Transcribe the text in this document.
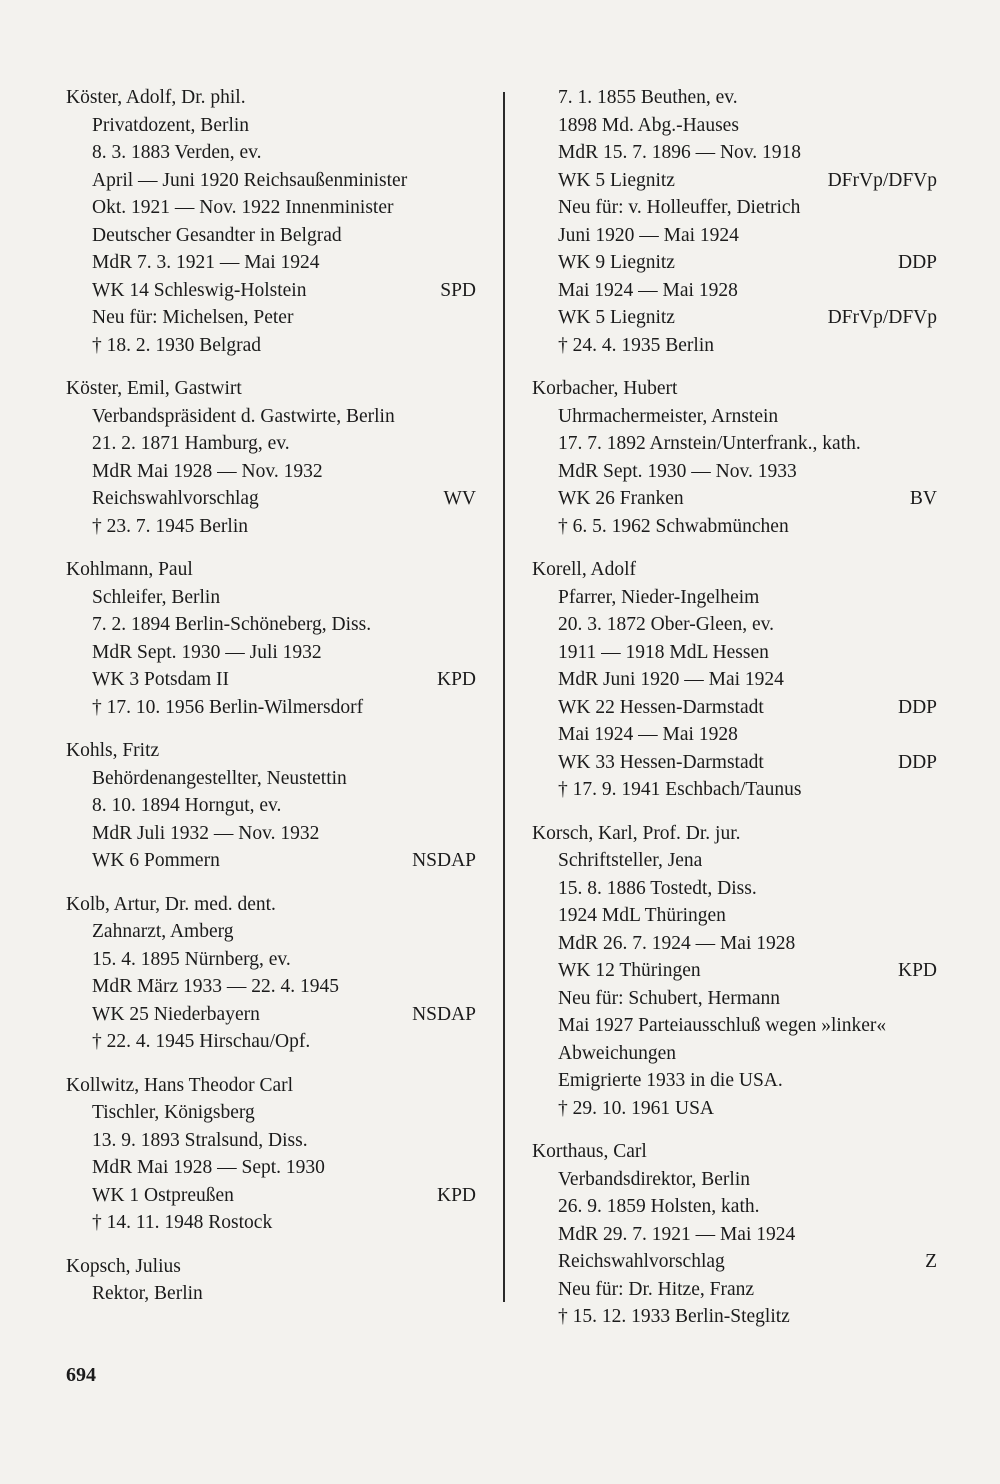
Köster, Adolf, Dr. phil.
Privatdozent, Berlin
8. 3. 1883 Verden, ev.
April — Juni 1920 Reichsaußenminister
Okt. 1921 — Nov. 1922 Innenminister
Deutscher Gesandter in Belgrad
MdR 7. 3. 1921 — Mai 1924
WK 14 Schleswig-Holstein	SPD
Neu für: Michelsen, Peter
† 18. 2. 1930 Belgrad
Köster, Emil, Gastwirt
Verbandspräsident d. Gastwirte, Berlin
21. 2. 1871 Hamburg, ev.
MdR Mai 1928 — Nov. 1932
Reichswahlvorschlag	WV
† 23. 7. 1945 Berlin
Kohlmann, Paul
Schleifer, Berlin
7. 2. 1894 Berlin-Schöneberg, Diss.
MdR Sept. 1930 — Juli 1932
WK 3 Potsdam II	KPD
† 17. 10. 1956 Berlin-Wilmersdorf
Kohls, Fritz
Behördenangestellter, Neustettin
8. 10. 1894 Horngut, ev.
MdR Juli 1932 — Nov. 1932
WK 6 Pommern	NSDAP
Kolb, Artur, Dr. med. dent.
Zahnarzt, Amberg
15. 4. 1895 Nürnberg, ev.
MdR März 1933 — 22. 4. 1945
WK 25 Niederbayern	NSDAP
† 22. 4. 1945 Hirschau/Opf.
Kollwitz, Hans Theodor Carl
Tischler, Königsberg
13. 9. 1893 Stralsund, Diss.
MdR Mai 1928 — Sept. 1930
WK 1 Ostpreußen	KPD
† 14. 11. 1948 Rostock
Kopsch, Julius
Rektor, Berlin
7. 1. 1855 Beuthen, ev.
1898 Md. Abg.-Hauses
MdR 15. 7. 1896 — Nov. 1918
WK 5 Liegnitz	DFrVp/DFVp
Neu für: v. Holleuffer, Dietrich
Juni 1920 — Mai 1924
WK 9 Liegnitz	DDP
Mai 1924 — Mai 1928
WK 5 Liegnitz	DFrVp/DFVp
† 24. 4. 1935 Berlin
Korbacher, Hubert
Uhrmachermeister, Arnstein
17. 7. 1892 Arnstein/Unterfrank., kath.
MdR Sept. 1930 — Nov. 1933
WK 26 Franken	BV
† 6. 5. 1962 Schwabmünchen
Korell, Adolf
Pfarrer, Nieder-Ingelheim
20. 3. 1872 Ober-Gleen, ev.
1911 — 1918 MdL Hessen
MdR Juni 1920 — Mai 1924
WK 22 Hessen-Darmstadt	DDP
Mai 1924 — Mai 1928
WK 33 Hessen-Darmstadt	DDP
† 17. 9. 1941 Eschbach/Taunus
Korsch, Karl, Prof. Dr. jur.
Schriftsteller, Jena
15. 8. 1886 Tostedt, Diss.
1924 MdL Thüringen
MdR 26. 7. 1924 — Mai 1928
WK 12 Thüringen	KPD
Neu für: Schubert, Hermann
Mai 1927 Parteiausschluß wegen »linker«
Abweichungen
Emigrierte 1933 in die USA.
† 29. 10. 1961 USA
Korthaus, Carl
Verbandsdirektor, Berlin
26. 9. 1859 Holsten, kath.
MdR 29. 7. 1921 — Mai 1924
Reichswahlvorschlag	Z
Neu für: Dr. Hitze, Franz
† 15. 12. 1933 Berlin-Steglitz
694
